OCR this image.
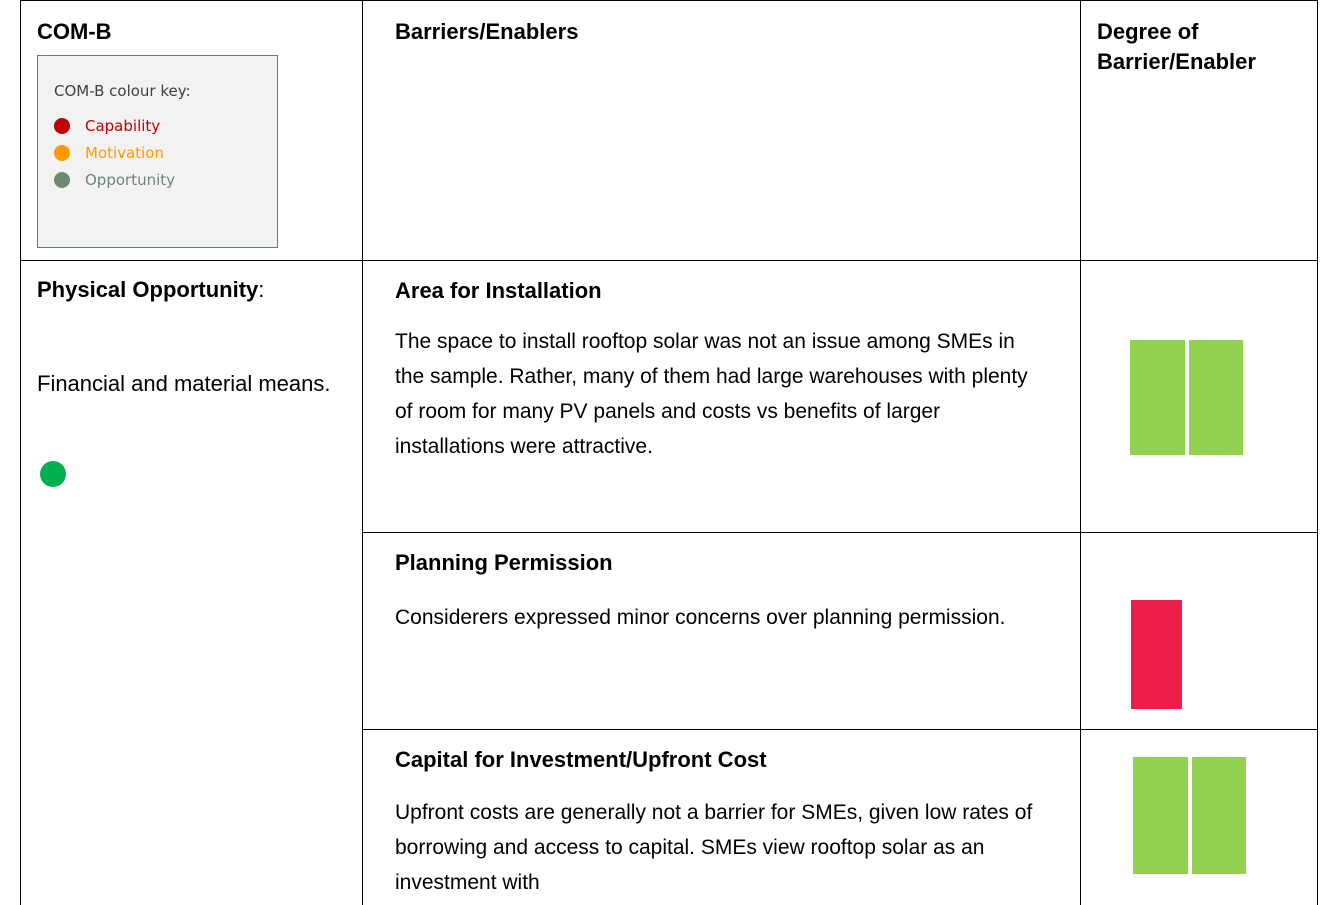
COM-B	Barriers/Enablers	Degree of Barrier/Enabler
COM-B colour key:
Capability
Motivation
Opportunity
Physical Opportunity:
Financial and material means.
Area for Installation
The space to install rooftop solar was not an issue among SMEs in the sample. Rather, many of them had large warehouses with plenty of room for many PV panels and costs vs benefits of larger installations were attractive.
Planning Permission
Considerers expressed minor concerns over planning permission.
Capital for Investment/Upfront Cost
Upfront costs are generally not a barrier for SMEs, given low rates of borrowing and access to capital. SMEs view rooftop solar as an investment with
